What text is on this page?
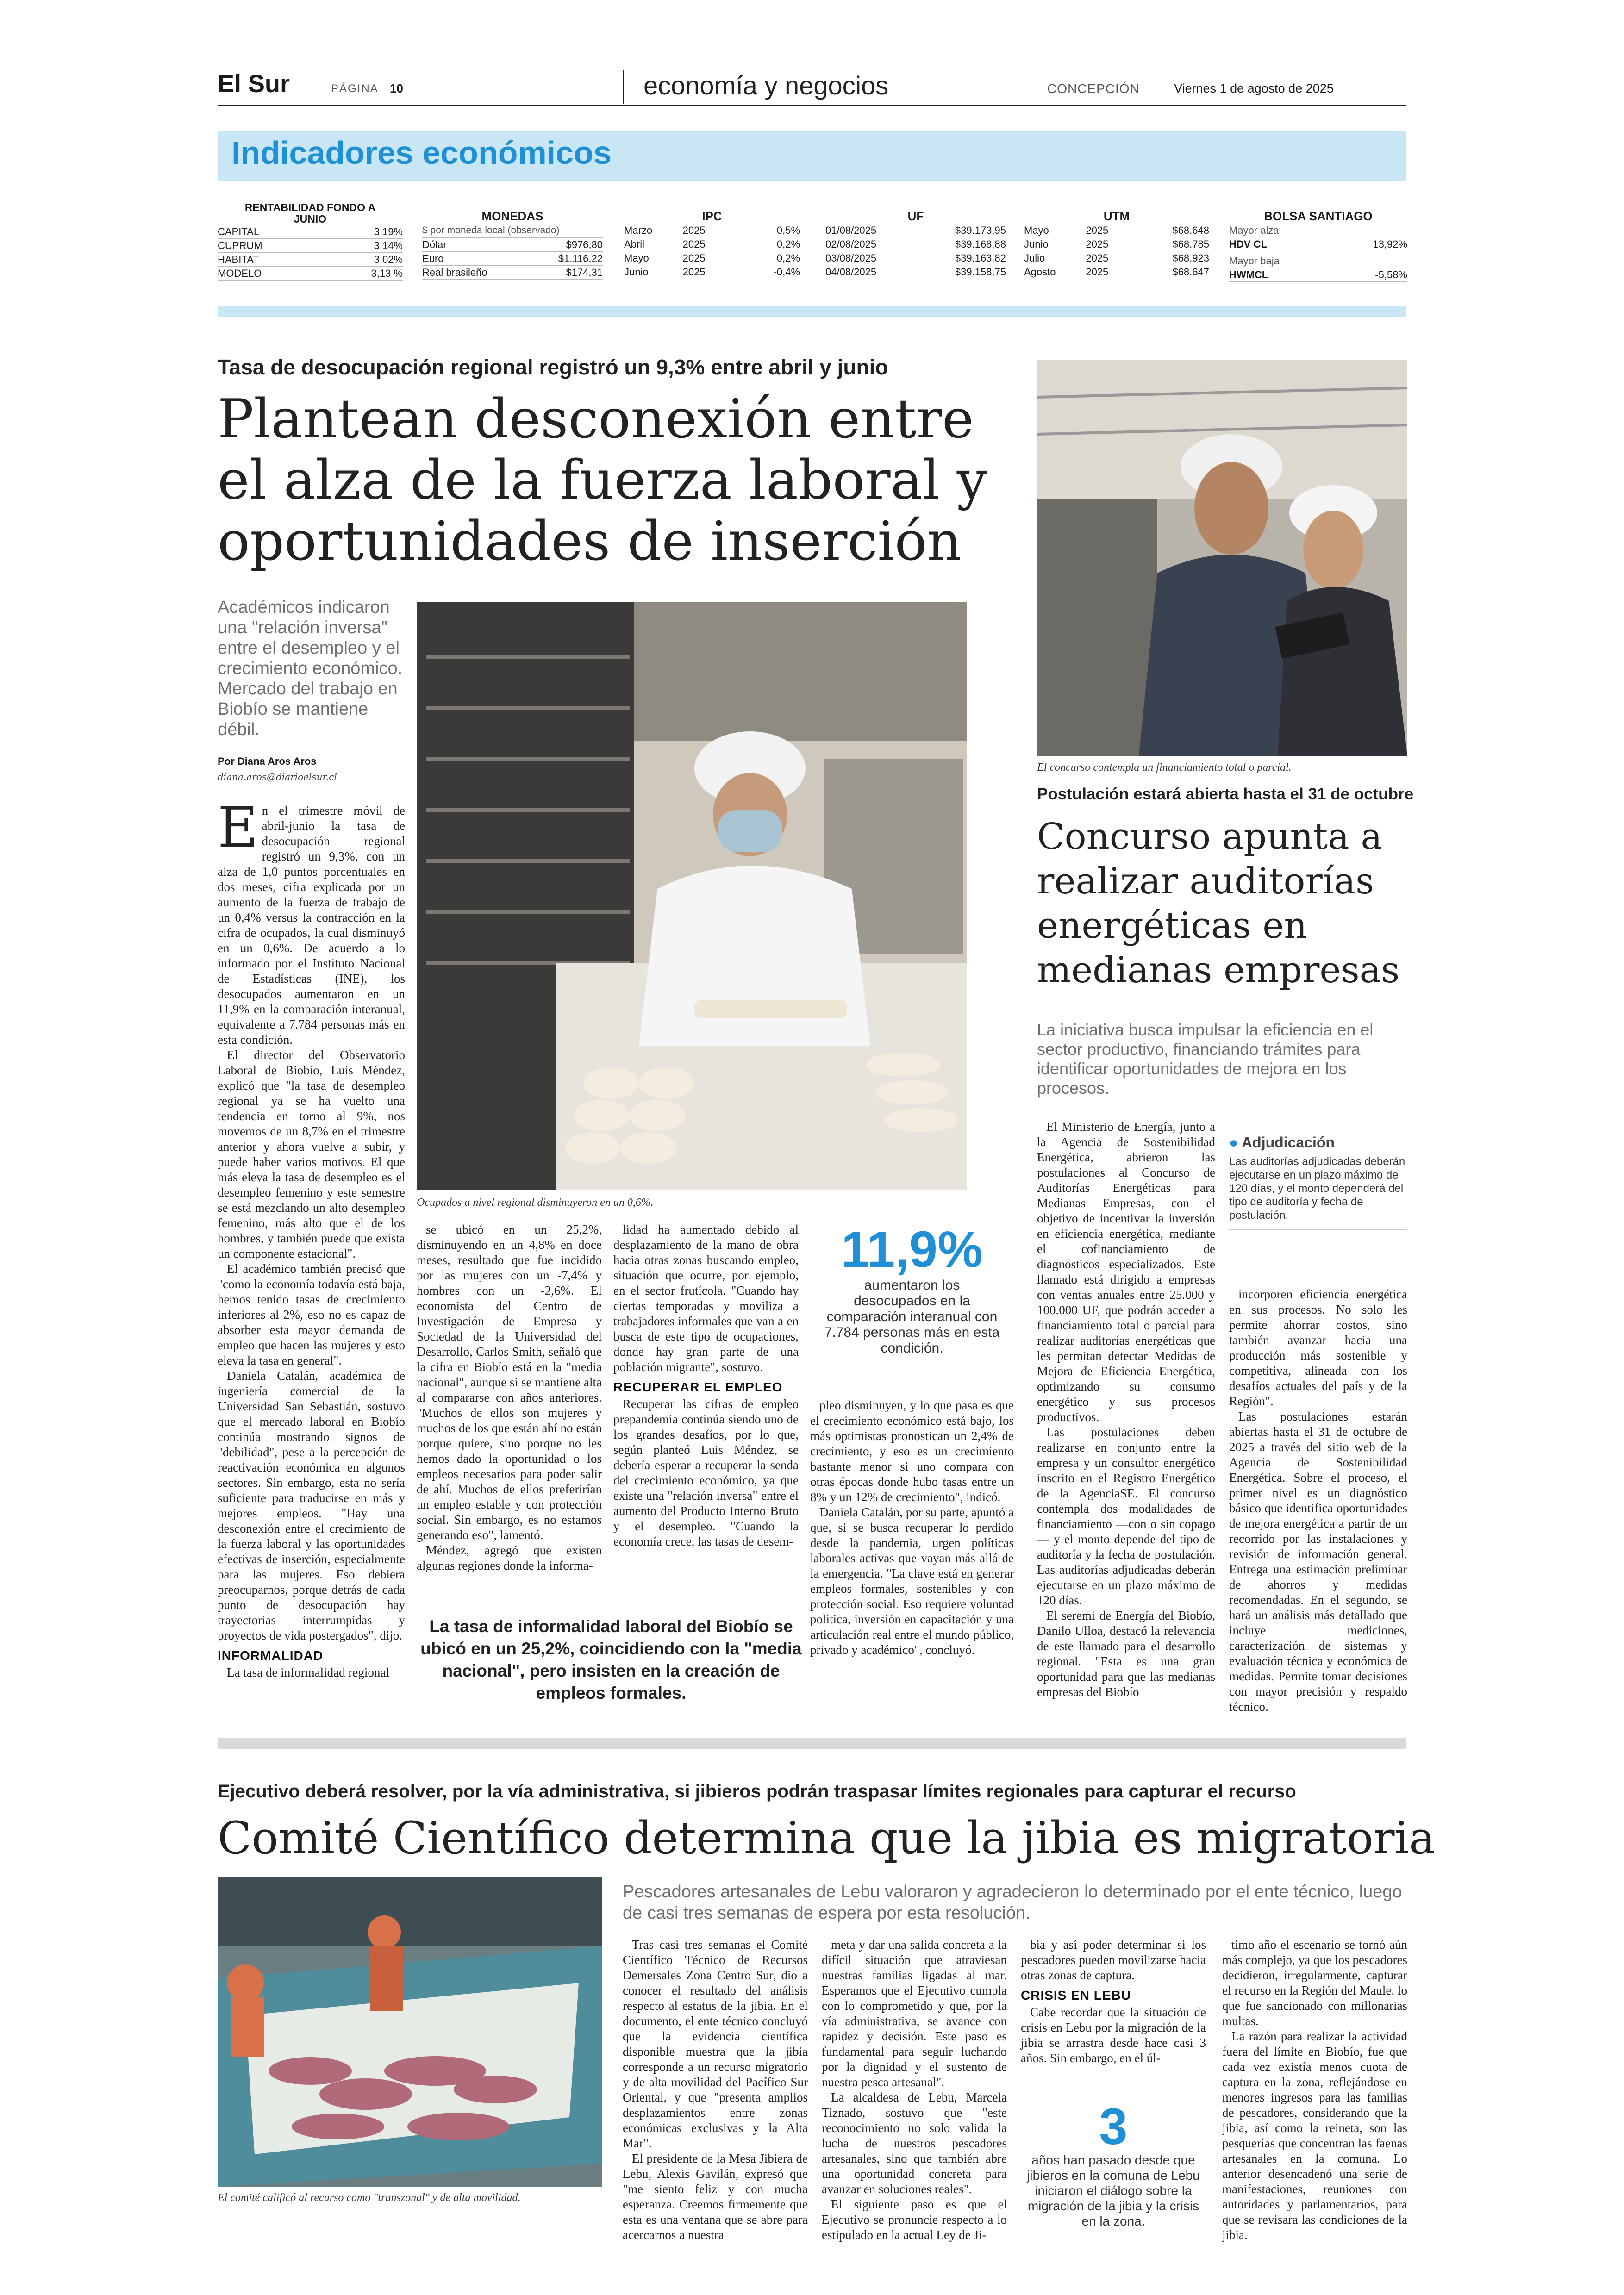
El Sur	PÁGINA 10	economía y negocios	CONCEPCIÓN	Viernes 1 de agosto de 2025
Indicadores económicos
RENTABILIDAD FONDO A JUNIO
CAPITAL	3,19%
CUPRUM	3,14%
HABITAT	3,02%
MODELO	3,13 %
MONEDAS
$ por moneda local (observado)
Dólar	$976,80
Euro	$1.116,22
Real brasileño	$174,31
IPC
Marzo	2025	0,5%
Abril	2025	0,2%
Mayo	2025	0,2%
Junio	2025	-0,4%
UF
01/08/2025	$39.173,95
02/08/2025	$39.168,88
03/08/2025	$39.163,82
04/08/2025	$39.158,75
UTM
Mayo	2025	$68.648
Junio	2025	$68.785
Julio	2025	$68.923
Agosto	2025	$68.647
BOLSA SANTIAGO
Mayor alza
HDV CL	13,92%
Mayor baja
HWMCL	-5,58%
Tasa de desocupación regional registró un 9,3% entre abril y junio
Plantean desconexión entre el alza de la fuerza laboral y oportunidades de inserción
Académicos indicaron una "relación inversa" entre el desempleo y el crecimiento económico. Mercado del trabajo en Biobío se mantiene débil.
Por Diana Aros Aros
diana.aros@diarioelsur.cl
Ocupados a nivel regional disminuyeron en un 0,6%.
E n el trimestre móvil de abril-junio la tasa de desocupación regional registró un 9,3%, con un alza de 1,0 puntos porcentuales en dos meses, cifra explicada por un aumento de la fuerza de trabajo de un 0,4% versus la contracción en la cifra de ocupados, la cual disminuyó en un 0,6%. De acuerdo a lo informado por el Instituto Nacional de Estadísticas (INE), los desocupados aumentaron en un 11,9% en la comparación interanual, equivalente a 7.784 personas más en esta condición.

El director del Observatorio Laboral de Biobío, Luis Méndez, explicó que "la tasa de desempleo regional ya se ha vuelto una tendencia en torno al 9%, nos movemos de un 8,7% en el trimestre anterior y ahora vuelve a subir, y puede haber varios motivos. El que más eleva la tasa de desempleo es el desempleo femenino y este semestre se está mezclando un alto desempleo femenino, más alto que el de los hombres, y también puede que exista un componente estacional".

El académico también precisó que "como la economía todavía está baja, hemos tenido tasas de crecimiento inferiores al 2%, eso no es capaz de absorber esta mayor demanda de empleo que hacen las mujeres y esto eleva la tasa en general".

Daniela Catalán, académica de ingeniería comercial de la Universidad San Sebastián, sostuvo que el mercado laboral en Biobío continúa mostrando signos de "debilidad", pese a la percepción de reactivación económica en algunos sectores. Sin embargo, esta no sería suficiente para traducirse en más y mejores empleos. "Hay una desconexión entre el crecimiento de la fuerza laboral y las oportunidades efectivas de inserción, especialmente para las mujeres. Eso debiera preocuparnos, porque detrás de cada punto de desocupación hay trayectorias interrumpidas y proyectos de vida postergados", dijo.

INFORMALIDAD

La tasa de informalidad regional

se ubicó en un 25,2%, disminuyendo en un 4,8% en doce meses, resultado que fue incidido por las mujeres con un -7,4% y hombres con un -2,6%. El economista del Centro de Investigación de Empresa y Sociedad de la Universidad del Desarrollo, Carlos Smith, señaló que la cifra en Biobío está en la "media nacional", aunque si se mantiene alta al compararse con años anteriores. "Muchos de ellos son mujeres y muchos de los que están ahí no están porque quiere, sino porque no les hemos dado la oportunidad o los empleos necesarios para poder salir de ahí. Muchos de ellos preferirían un empleo estable y con protección social. Sin embargo, es no estamos generando eso", lamentó.

Méndez, agregó que existen algunas regiones donde la informa-

lidad ha aumentado debido al desplazamiento de la mano de obra hacia otras zonas buscando empleo, situación que ocurre, por ejemplo, en el sector frutícola. "Cuando hay ciertas temporadas y moviliza a trabajadores informales que van a en busca de este tipo de ocupaciones, donde hay gran parte de una población migrante", sostuvo.

RECUPERAR EL EMPLEO

Recuperar las cifras de empleo prepandemia continúa siendo uno de los grandes desafíos, por lo que, según planteó Luis Méndez, se debería esperar a recuperar la senda del crecimiento económico, ya que existe una "relación inversa" entre el aumento del Producto Interno Bruto y el desempleo. "Cuando la economía crece, las tasas de desem-

11,9%
aumentaron los desocupados en la comparación interanual con 7.784 personas más en esta condición.

pleo disminuyen, y lo que pasa es que el crecimiento económico está bajo, los más optimistas pronostican un 2,4% de crecimiento, y eso es un crecimiento bastante menor si uno compara con otras épocas donde hubo tasas entre un 8% y un 12% de crecimiento", indicó.

Daniela Catalán, por su parte, apuntó a que, si se busca recuperar lo perdido desde la pandemia, urgen políticas laborales activas que vayan más allá de la emergencia. "La clave está en generar empleos formales, sostenibles y con protección social. Eso requiere voluntad política, inversión en capacitación y una articulación real entre el mundo público, privado y académico", concluyó.

La tasa de informalidad laboral del Biobío se ubicó en un 25,2%, coincidiendo con la "media nacional", pero insisten en la creación de empleos formales.
El concurso contempla un financiamiento total o parcial.
Postulación estará abierta hasta el 31 de octubre
Concurso apunta a realizar auditorías energéticas en medianas empresas
La iniciativa busca impulsar la eficiencia en el sector productivo, financiando trámites para identificar oportunidades de mejora en los procesos.

El Ministerio de Energía, junto a la Agencia de Sostenibilidad Energética, abrieron las postulaciones al Concurso de Auditorías Energéticas para Medianas Empresas, con el objetivo de incentivar la inversión en eficiencia energética, mediante el cofinanciamiento de diagnósticos especializados. Este llamado está dirigido a empresas con ventas anuales entre 25.000 y 100.000 UF, que podrán acceder a financiamiento total o parcial para realizar auditorías energéticas que les permitan detectar Medidas de Mejora de Eficiencia Energética, optimizando su consumo energético y sus procesos productivos.

Las postulaciones deben realizarse en conjunto entre la empresa y un consultor energético inscrito en el Registro Energético de la AgenciaSE. El concurso contempla dos modalidades de financiamiento —con o sin copago— y el monto depende del tipo de auditoría y la fecha de postulación. Las auditorías adjudicadas deberán ejecutarse en un plazo máximo de 120 días.

El seremi de Energía del Biobío, Danilo Ulloa, destacó la relevancia de este llamado para el desarrollo regional. "Esta es una gran oportunidad para que las medianas empresas del Biobío

● Adjudicación
Las auditorías adjudicadas deberán ejecutarse en un plazo máximo de 120 días, y el monto dependerá del tipo de auditoría y fecha de postulación.

incorporen eficiencia energética en sus procesos. No solo les permite ahorrar costos, sino también avanzar hacia una producción más sostenible y competitiva, alineada con los desafíos actuales del país y de la Región".

Las postulaciones estarán abiertas hasta el 31 de octubre de 2025 a través del sitio web de la Agencia de Sostenibilidad Energética. Sobre el proceso, el primer nivel es un diagnóstico básico que identifica oportunidades de mejora energética a partir de un recorrido por las instalaciones y revisión de información general. Entrega una estimación preliminar de ahorros y medidas recomendadas. En el segundo, se hará un análisis más detallado que incluye mediciones, caracterización de sistemas y evaluación técnica y económica de medidas. Permite tomar decisiones con mayor precisión y respaldo técnico.

Ejecutivo deberá resolver, por la vía administrativa, si jibieros podrán traspasar límites regionales para capturar el recurso
Comité Científico determina que la jibia es migratoria
Pescadores artesanales de Lebu valoraron y agradecieron lo determinado por el ente técnico, luego de casi tres semanas de espera por esta resolución.
El comité calificó al recurso como "transzonal" y de alta movilidad.

Tras casi tres semanas el Comité Científico Técnico de Recursos Demersales Zona Centro Sur, dio a conocer el resultado del análisis respecto al estatus de la jibia. En el documento, el ente técnico concluyó que la evidencia científica disponible muestra que la jibia corresponde a un recurso migratorio y de alta movilidad del Pacífico Sur Oriental, y que "presenta amplios desplazamientos entre zonas económicas exclusivas y la Alta Mar".

El presidente de la Mesa Jibiera de Lebu, Alexis Gavilán, expresó que "me siento feliz y con mucha esperanza. Creemos firmemente que esta es una ventana que se abre para acercarnos a nuestra

meta y dar una salida concreta a la difícil situación que atraviesan nuestras familias ligadas al mar. Esperamos que el Ejecutivo cumpla con lo comprometido y que, por la vía administrativa, se avance con rapidez y decisión. Este paso es fundamental para seguir luchando por la dignidad y el sustento de nuestra pesca artesanal".

La alcaldesa de Lebu, Marcela Tiznado, sostuvo que "este reconocimiento no solo valida la lucha de nuestros pescadores artesanales, sino que también abre una oportunidad concreta para avanzar en soluciones reales".

El siguiente paso es que el Ejecutivo se pronuncie respecto a lo estipulado en la actual Ley de Ji-

bia y así poder determinar si los pescadores pueden movilizarse hacia otras zonas de captura.

CRISIS EN LEBU

Cabe recordar que la situación de crisis en Lebu por la migración de la jibia se arrastra desde hace casi 3 años. Sin embargo, en el úl-

3
años han pasado desde que jibieros en la comuna de Lebu iniciaron el diálogo sobre la migración de la jibia y la crisis en la zona.

timo año el escenario se tornó aún más complejo, ya que los pescadores decidieron, irregularmente, capturar el recurso en la Región del Maule, lo que fue sancionado con millonarias multas.

La razón para realizar la actividad fuera del límite en Biobío, fue que cada vez existía menos cuota de captura en la zona, reflejándose en menores ingresos para las familias de pescadores, considerando que la jibia, así como la reineta, son las pesquerías que concentran las faenas artesanales en la comuna. Lo anterior desencadenó una serie de manifestaciones, reuniones con autoridades y parlamentarios, para que se revisara las condiciones de la jibia.
